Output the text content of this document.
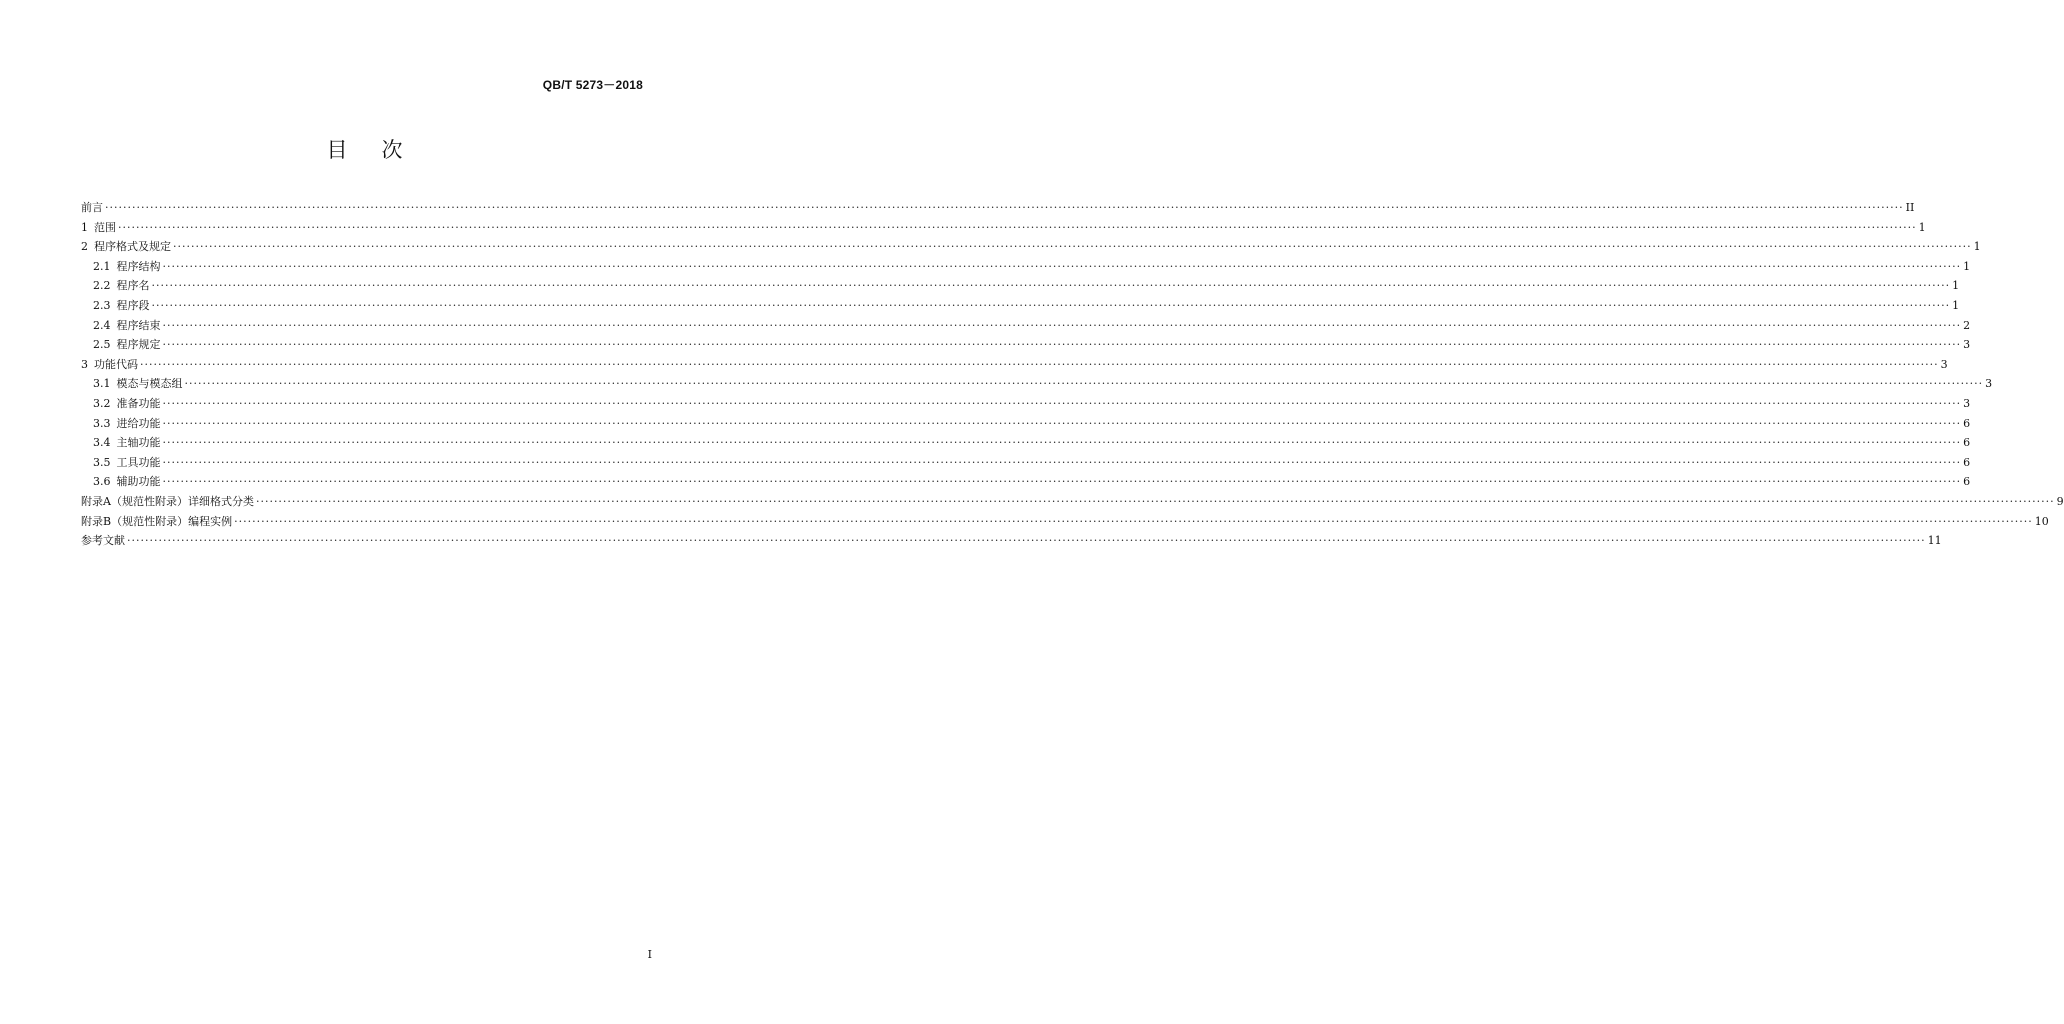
QB/T 5273－2018
目次
前言 ················································································································································································································································································································································································································ II
1 范围 ················································································································································································································································································································································································································ 1
2 程序格式及规定 ················································································································································································································································································································································································································ 1
2.1 程序结构 ················································································································································································································································································································································································································ 1
2.2 程序名 ················································································································································································································································································································································································································ 1
2.3 程序段 ················································································································································································································································································································································································································ 1
2.4 程序结束 ················································································································································································································································································································································································································ 2
2.5 程序规定 ················································································································································································································································································································································································································ 3
3 功能代码 ················································································································································································································································································································································································································ 3
3.1 模态与模态组 ················································································································································································································································································································································································································ 3
3.2 准备功能 ················································································································································································································································································································································································································ 3
3.3 进给功能 ················································································································································································································································································································································································································ 6
3.4 主轴功能 ················································································································································································································································································································································································································ 6
3.5 工具功能 ················································································································································································································································································································································································································ 6
3.6 辅助功能 ················································································································································································································································································································································································································ 6
附录A（规范性附录）详细格式分类 ················································································································································································································································································································································································································ 9
附录B（规范性附录）编程实例 ················································································································································································································································································································································································································ 10
参考文献 ················································································································································································································································································································································································································ 11
I
